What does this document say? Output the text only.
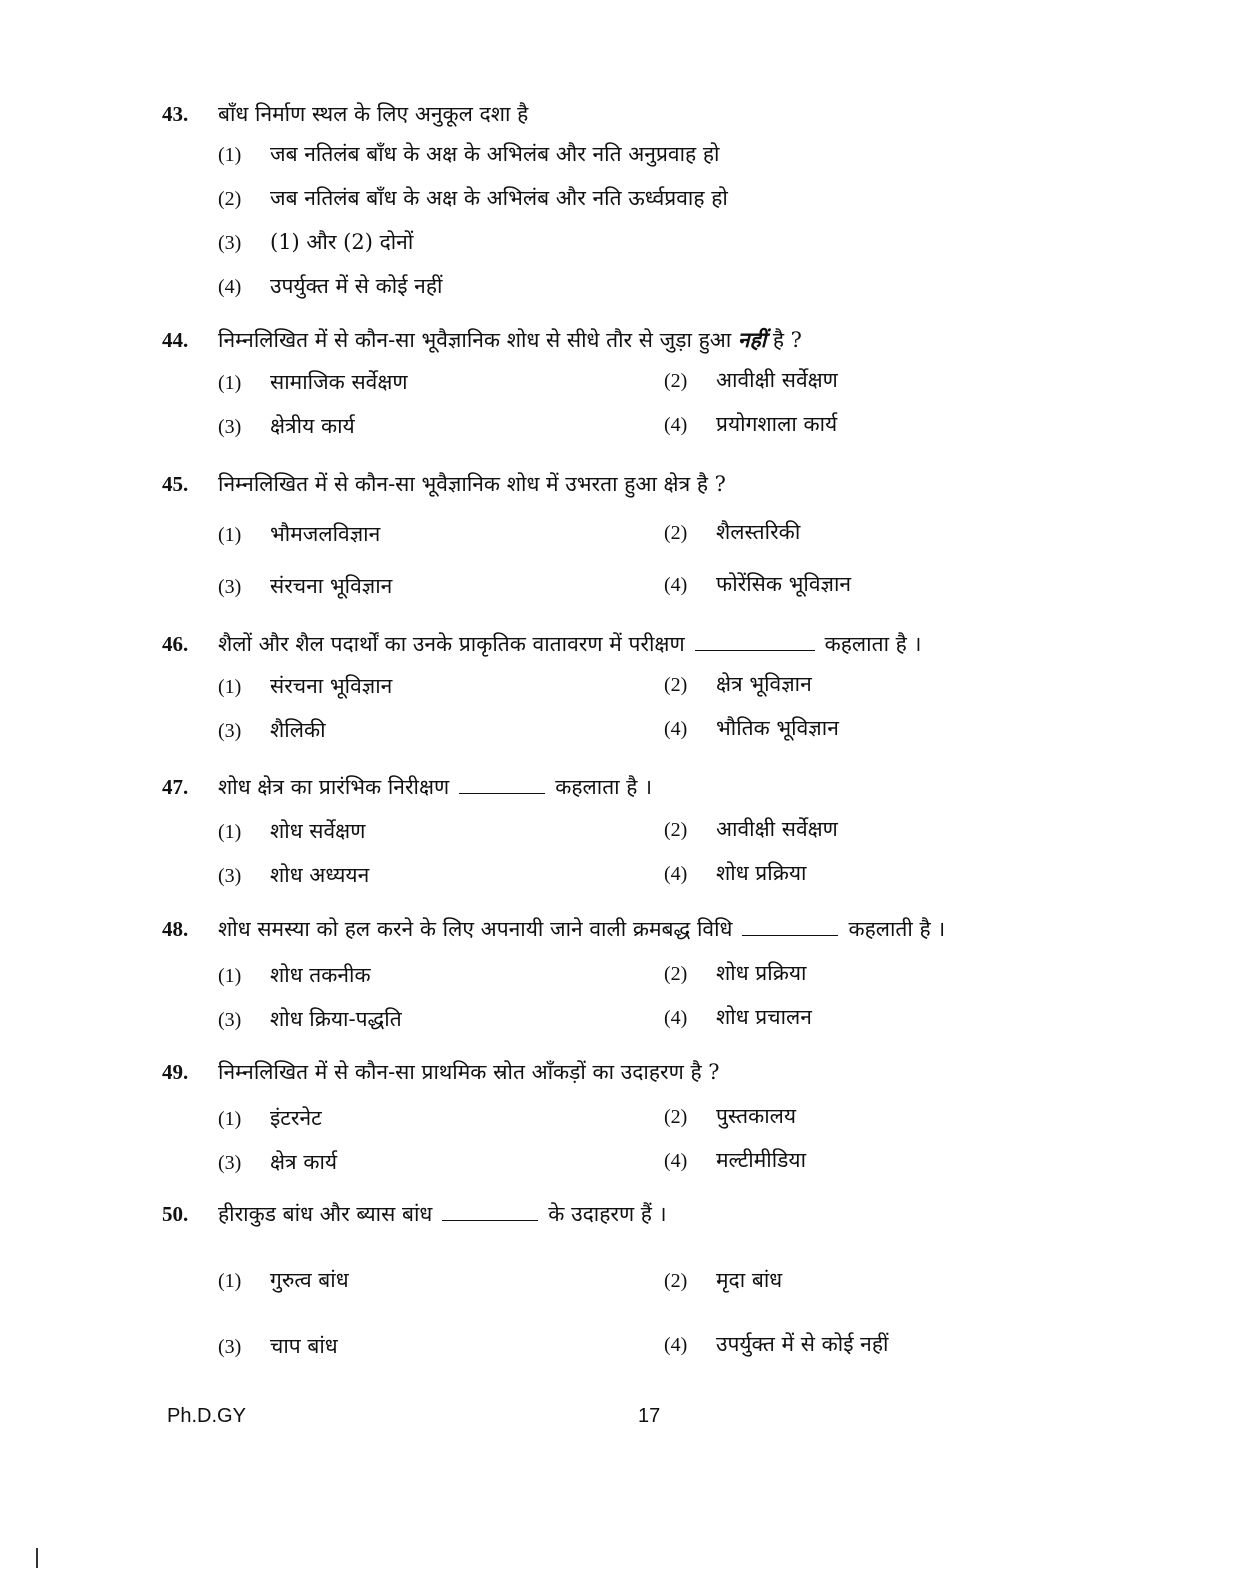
43.	बाँध निर्माण स्थल के लिए अनुकूल दशा है
(1)	जब नतिलंब बाँध के अक्ष के अभिलंब और नति अनुप्रवाह हो
(2)	जब नतिलंब बाँध के अक्ष के अभिलंब और नति ऊर्ध्वप्रवाह हो
(3)	(1) और (2) दोनों
(4)	उपर्युक्त में से कोई नहीं
44.	निम्नलिखित में से कौन-सा भूवैज्ञानिक शोध से सीधे तौर से जुड़ा हुआ नहीं है ?
(1)	सामाजिक सर्वेक्षण	(2)	आवीक्षी सर्वेक्षण
(3)	क्षेत्रीय कार्य	(4)	प्रयोगशाला कार्य
45.	निम्नलिखित में से कौन-सा भूवैज्ञानिक शोध में उभरता हुआ क्षेत्र है ?
(1)	भौमजलविज्ञान	(2)	शैलस्तरिकी
(3)	संरचना भूविज्ञान	(4)	फोरेंसिक भूविज्ञान
46.	शैलों और शैल पदार्थों का उनके प्राकृतिक वातावरण में परीक्षण	कहलाता है ।
(1)	संरचना भूविज्ञान	(2)	क्षेत्र भूविज्ञान
(3)	शैलिकी	(4)	भौतिक भूविज्ञान
47.	शोध क्षेत्र का प्रारंभिक निरीक्षण	कहलाता है ।
(1)	शोध सर्वेक्षण	(2)	आवीक्षी सर्वेक्षण
(3)	शोध अध्ययन	(4)	शोध प्रक्रिया
48.	शोध समस्या को हल करने के लिए अपनायी जाने वाली क्रमबद्ध विधि	कहलाती है ।
(1)	शोध तकनीक	(2)	शोध प्रक्रिया
(3)	शोध क्रिया-पद्धति	(4)	शोध प्रचालन
49.	निम्नलिखित में से कौन-सा प्राथमिक स्रोत आँकड़ों का उदाहरण है ?
(1)	इंटरनेट	(2)	पुस्तकालय
(3)	क्षेत्र कार्य	(4)	मल्टीमीडिया
50.	हीराकुड बांध और ब्यास बांध	के उदाहरण हैं ।
(1)	गुरुत्व बांध	(2)	मृदा बांध
(3)	चाप बांध	(4)	उपर्युक्त में से कोई नहीं
Ph.D.GY	17
